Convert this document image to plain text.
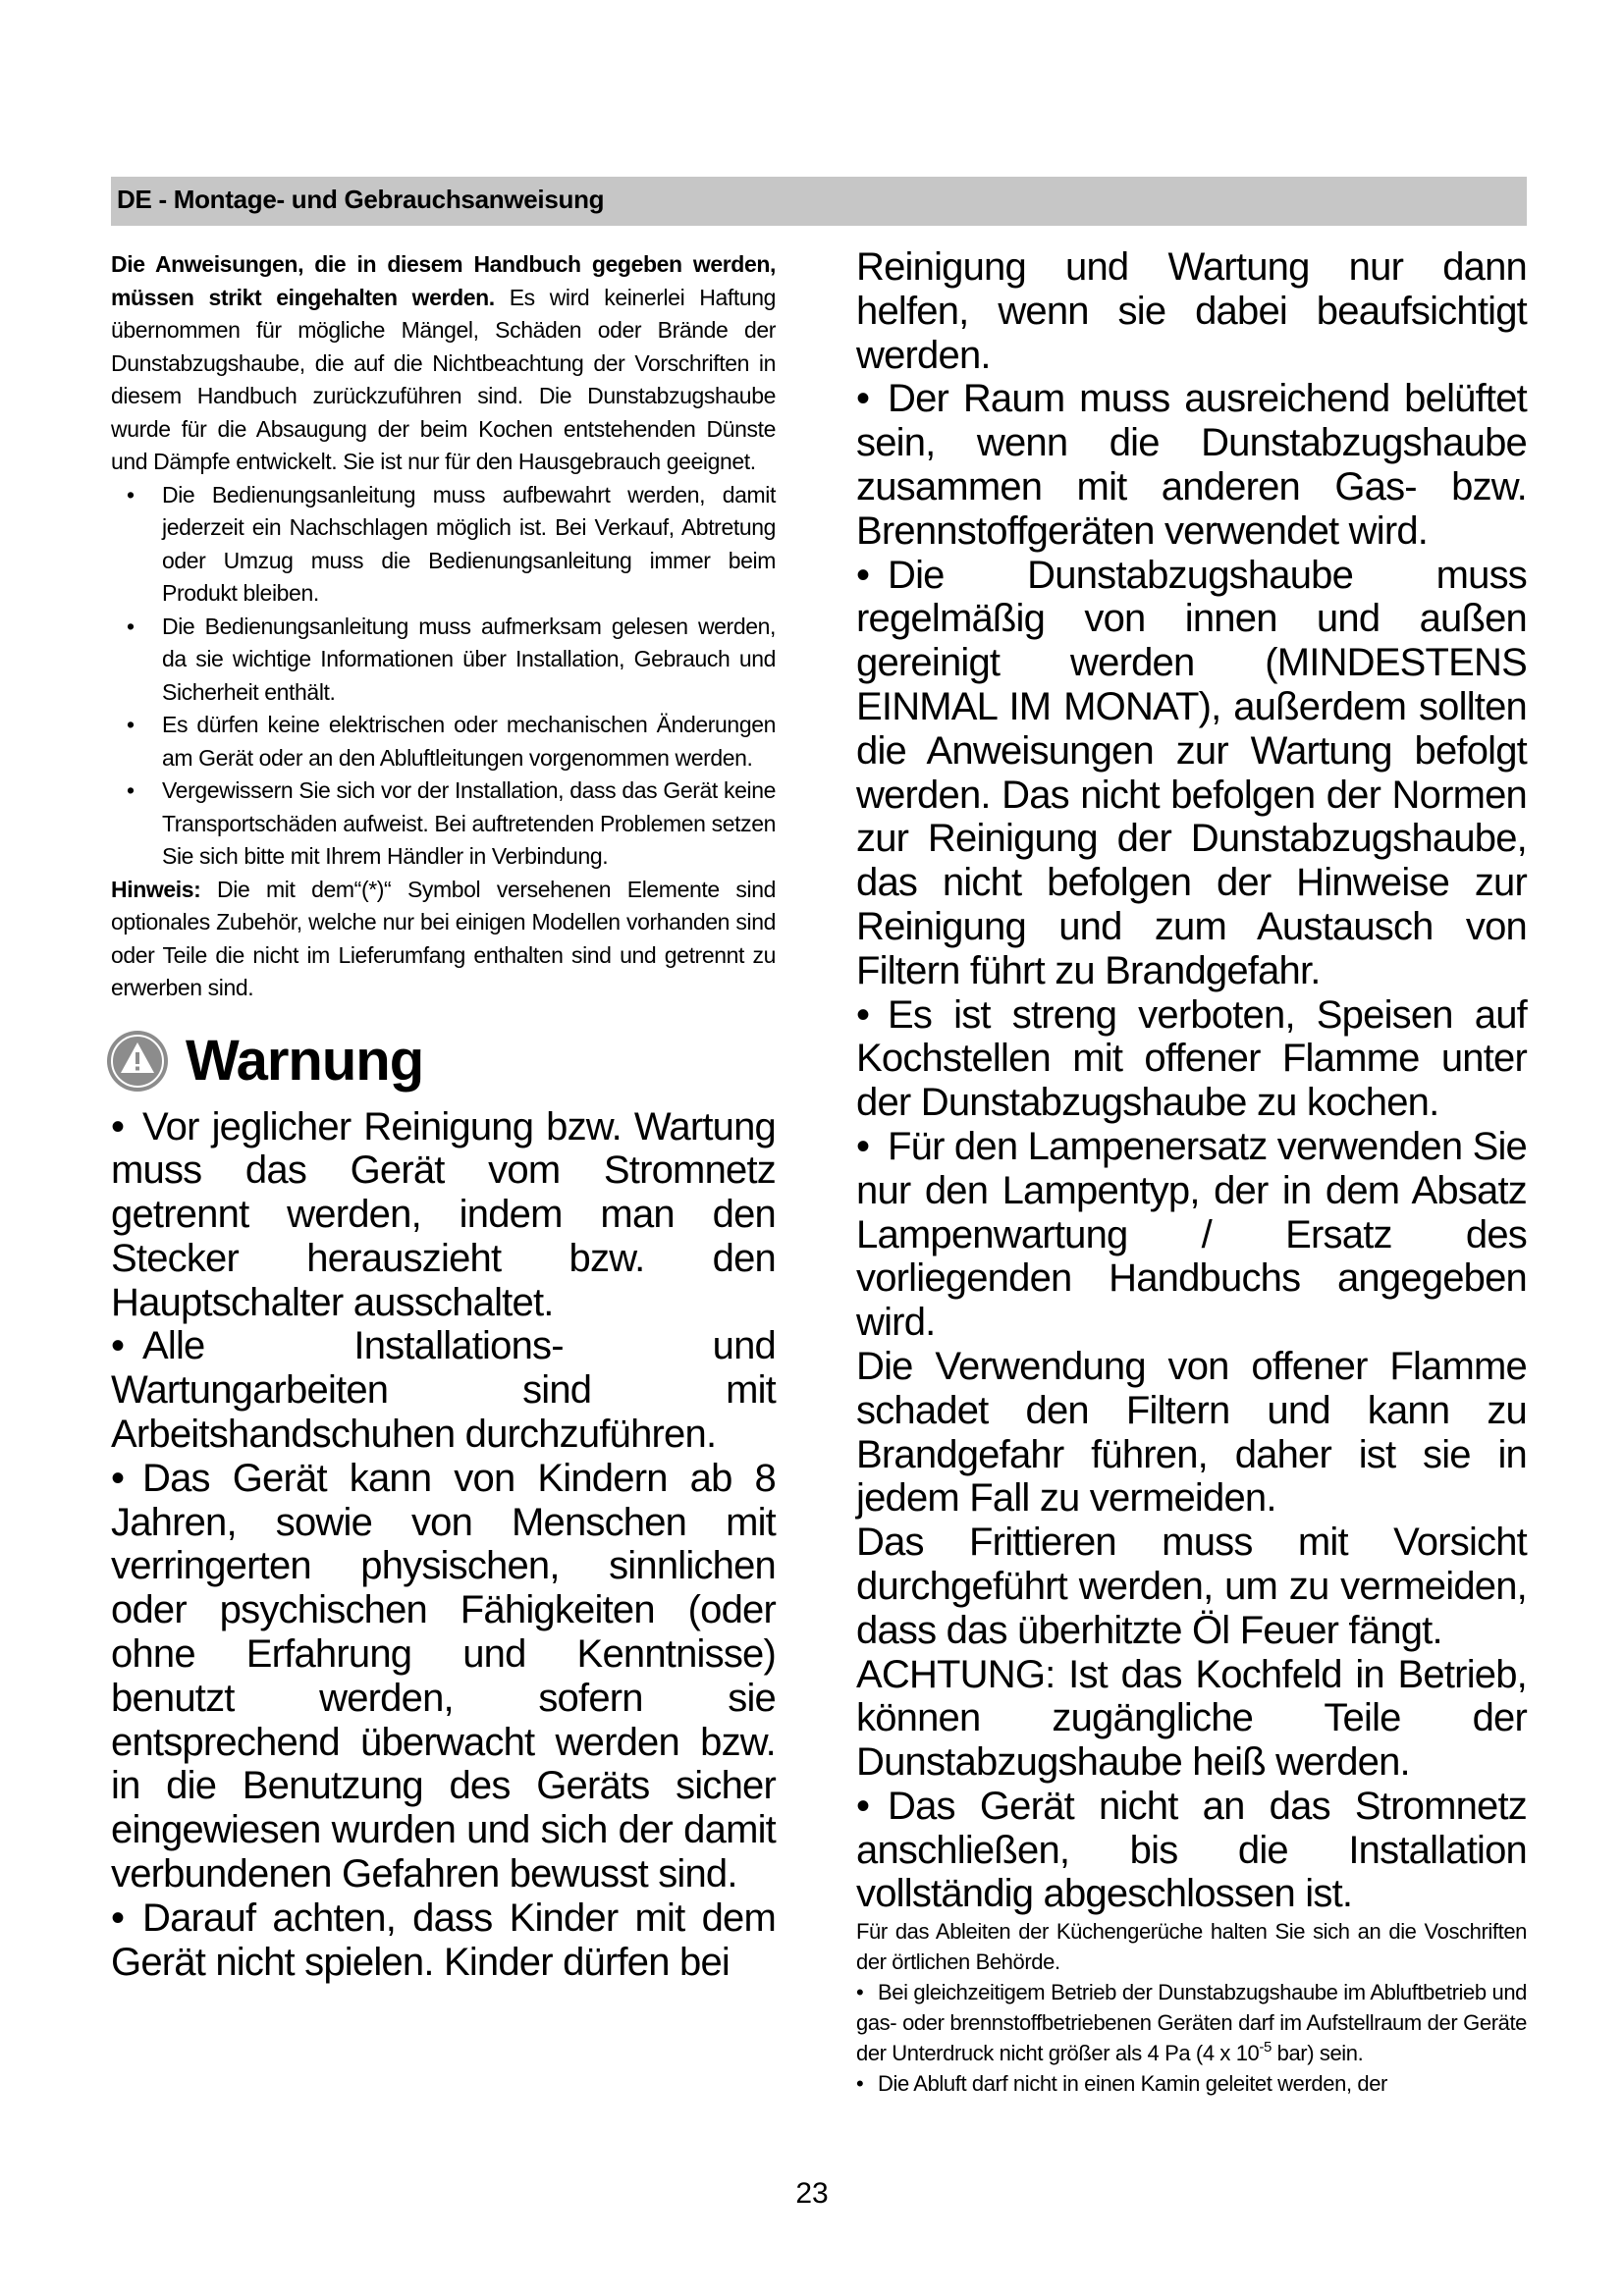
DE - Montage- und Gebrauchsanweisung

Die Anweisungen, die in diesem Handbuch gegeben werden, müssen strikt eingehalten werden. Es wird keinerlei Haftung übernommen für mögliche Mängel, Schäden oder Brände der Dunstabzugshaube, die auf die Nichtbeachtung der Vorschriften in diesem Handbuch zurückzuführen sind. Die Dunstabzugshaube wurde für die Absaugung der beim Kochen entstehenden Dünste und Dämpfe entwickelt. Sie ist nur für den Hausgebrauch geeignet.

• Die Bedienungsanleitung muss aufbewahrt werden, damit jederzeit ein Nachschlagen möglich ist. Bei Verkauf, Abtretung oder Umzug muss die Bedienungsanleitung immer beim Produkt bleiben.

• Die Bedienungsanleitung muss aufmerksam gelesen werden, da sie wichtige Informationen über Installation, Gebrauch und Sicherheit enthält.

• Es dürfen keine elektrischen oder mechanischen Änderungen am Gerät oder an den Abluftleitungen vorgenommen werden.

• Vergewissern Sie sich vor der Installation, dass das Gerät keine Transportschäden aufweist. Bei auftretenden Problemen setzen Sie sich bitte mit Ihrem Händler in Verbindung.

Hinweis: Die mit dem“(*)“ Symbol versehenen Elemente sind optionales Zubehör, welche nur bei einigen Modellen vorhanden sind oder Teile die nicht im Lieferumfang enthalten sind und getrennt zu erwerben sind.

Warnung

• Vor jeglicher Reinigung bzw. Wartung muss das Gerät vom Stromnetz getrennt werden, indem man den Stecker herauszieht bzw. den Hauptschalter ausschaltet.

• Alle Installations- und Wartungarbeiten sind mit Arbeitshandschuhen durchzuführen.

• Das Gerät kann von Kindern ab 8 Jahren, sowie von Menschen mit verringerten physischen, sinnlichen oder psychischen Fähigkeiten (oder ohne Erfahrung und Kenntnisse) benutzt werden, sofern sie entsprechend überwacht werden bzw. in die Benutzung des Geräts sicher eingewiesen wurden und sich der damit verbundenen Gefahren bewusst sind.

• Darauf achten, dass Kinder mit dem Gerät nicht spielen. Kinder dürfen bei

Reinigung und Wartung nur dann helfen, wenn sie dabei beaufsichtigt werden.

• Der Raum muss ausreichend belüftet sein, wenn die Dunstabzugshaube zusammen mit anderen Gas- bzw. Brennstoffgeräten verwendet wird.

• Die Dunstabzugshaube muss regelmäßig von innen und außen gereinigt werden (MINDESTENS EINMAL IM MONAT), außerdem sollten die Anweisungen zur Wartung befolgt werden. Das nicht befolgen der Normen zur Reinigung der Dunstabzugshaube, das nicht befolgen der Hinweise zur Reinigung und zum Austausch von Filtern führt zu Brandgefahr.

• Es ist streng verboten, Speisen auf Kochstellen mit offener Flamme unter der Dunstabzugshaube zu kochen.

• Für den Lampenersatz verwenden Sie nur den Lampentyp, der in dem Absatz Lampenwartung / Ersatz des vorliegenden Handbuchs angegeben wird.

Die Verwendung von offener Flamme schadet den Filtern und kann zu Brandgefahr führen, daher ist sie in jedem Fall zu vermeiden.

Das Frittieren muss mit Vorsicht durchgeführt werden, um zu vermeiden, dass das überhitzte Öl Feuer fängt.

ACHTUNG: Ist das Kochfeld in Betrieb, können zugängliche Teile der Dunstabzugshaube heiß werden.

• Das Gerät nicht an das Stromnetz anschließen, bis die Installation vollständig abgeschlossen ist.

Für das Ableiten der Küchengerüche halten Sie sich an die Voschriften der örtlichen Behörde.

• Bei gleichzeitigem Betrieb der Dunstabzugshaube im Abluftbetrieb und gas- oder brennstoffbetriebenen Geräten darf im Aufstellraum der Geräte der Unterdruck nicht größer als 4 Pa (4 x $10^{-5}$ bar) sein.

• Die Abluft darf nicht in einen Kamin geleitet werden, der

23
